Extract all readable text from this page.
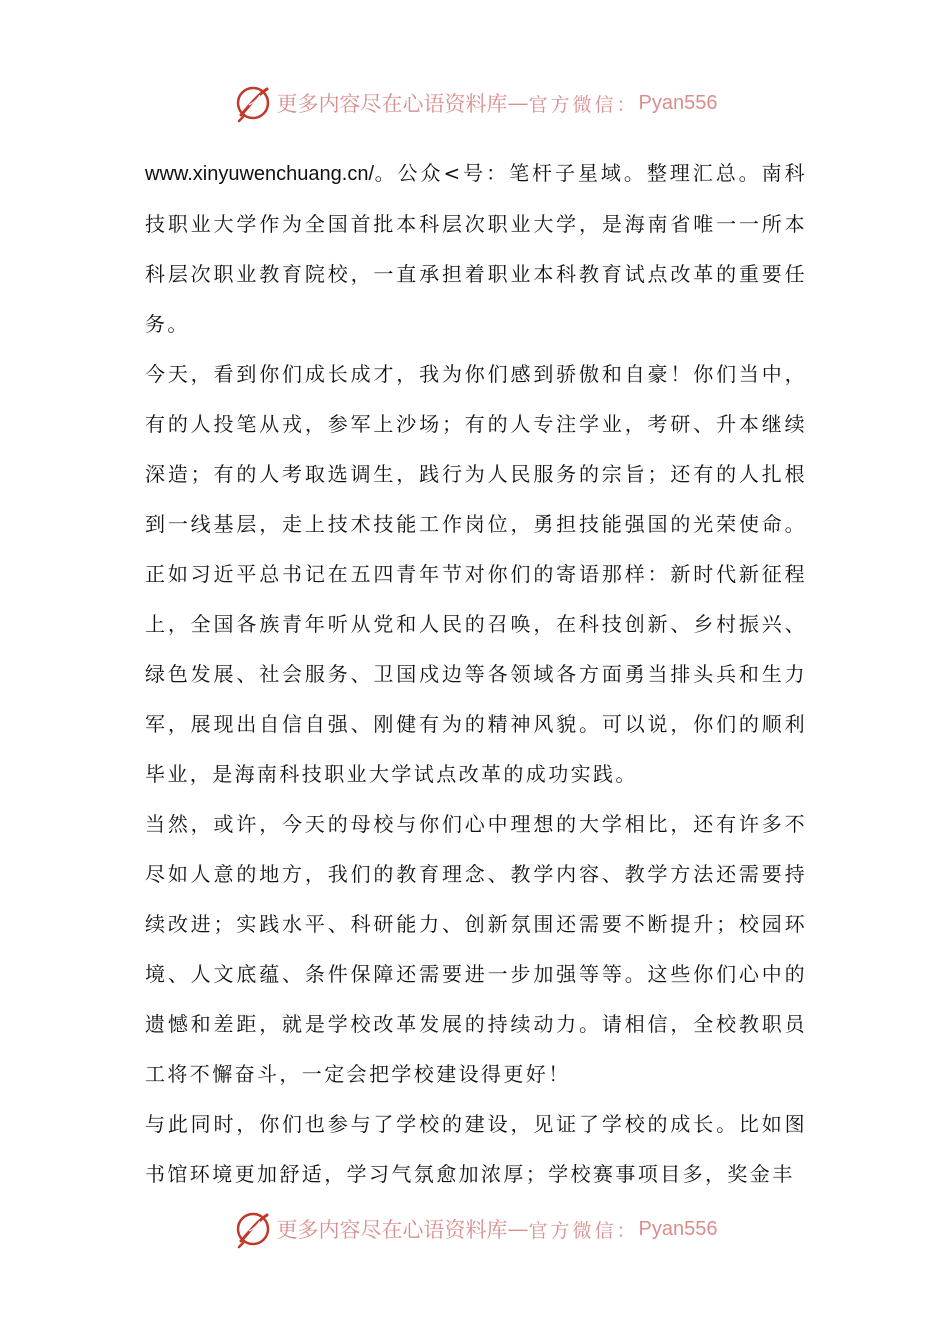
更多内容尽在心语资料库 — 官方微信： Pyan556

www.xinyuwenchuang.cn/。公众<号：笔杆子星域。整理汇总。南科技职业大学作为全国首批本科层次职业大学，是海南省唯一一所本科层次职业教育院校，一直承担着职业本科教育试点改革的重要任务。

今天，看到你们成长成才，我为你们感到骄傲和自豪！你们当中，有的人投笔从戎，参军上沙场；有的人专注学业，考研、升本继续深造；有的人考取选调生，践行为人民服务的宗旨；还有的人扎根到一线基层，走上技术技能工作岗位，勇担技能强国的光荣使命。正如习近平总书记在五四青年节对你们的寄语那样：新时代新征程上，全国各族青年听从党和人民的召唤，在科技创新、乡村振兴、绿色发展、社会服务、卫国戍边等各领域各方面勇当排头兵和生力军，展现出自信自强、刚健有为的精神风貌。可以说，你们的顺利毕业，是海南科技职业大学试点改革的成功实践。

当然，或许，今天的母校与你们心中理想的大学相比，还有许多不尽如人意的地方，我们的教育理念、教学内容、教学方法还需要持续改进；实践水平、科研能力、创新氛围还需要不断提升；校园环境、人文底蕴、条件保障还需要进一步加强等等。这些你们心中的遗憾和差距，就是学校改革发展的持续动力。请相信，全校教职员工将不懈奋斗，一定会把学校建设得更好！

与此同时，你们也参与了学校的建设，见证了学校的成长。比如图书馆环境更加舒适，学习气氛愈加浓厚；学校赛事项目多，奖金丰

更多内容尽在心语资料库 — 官方微信： Pyan556
